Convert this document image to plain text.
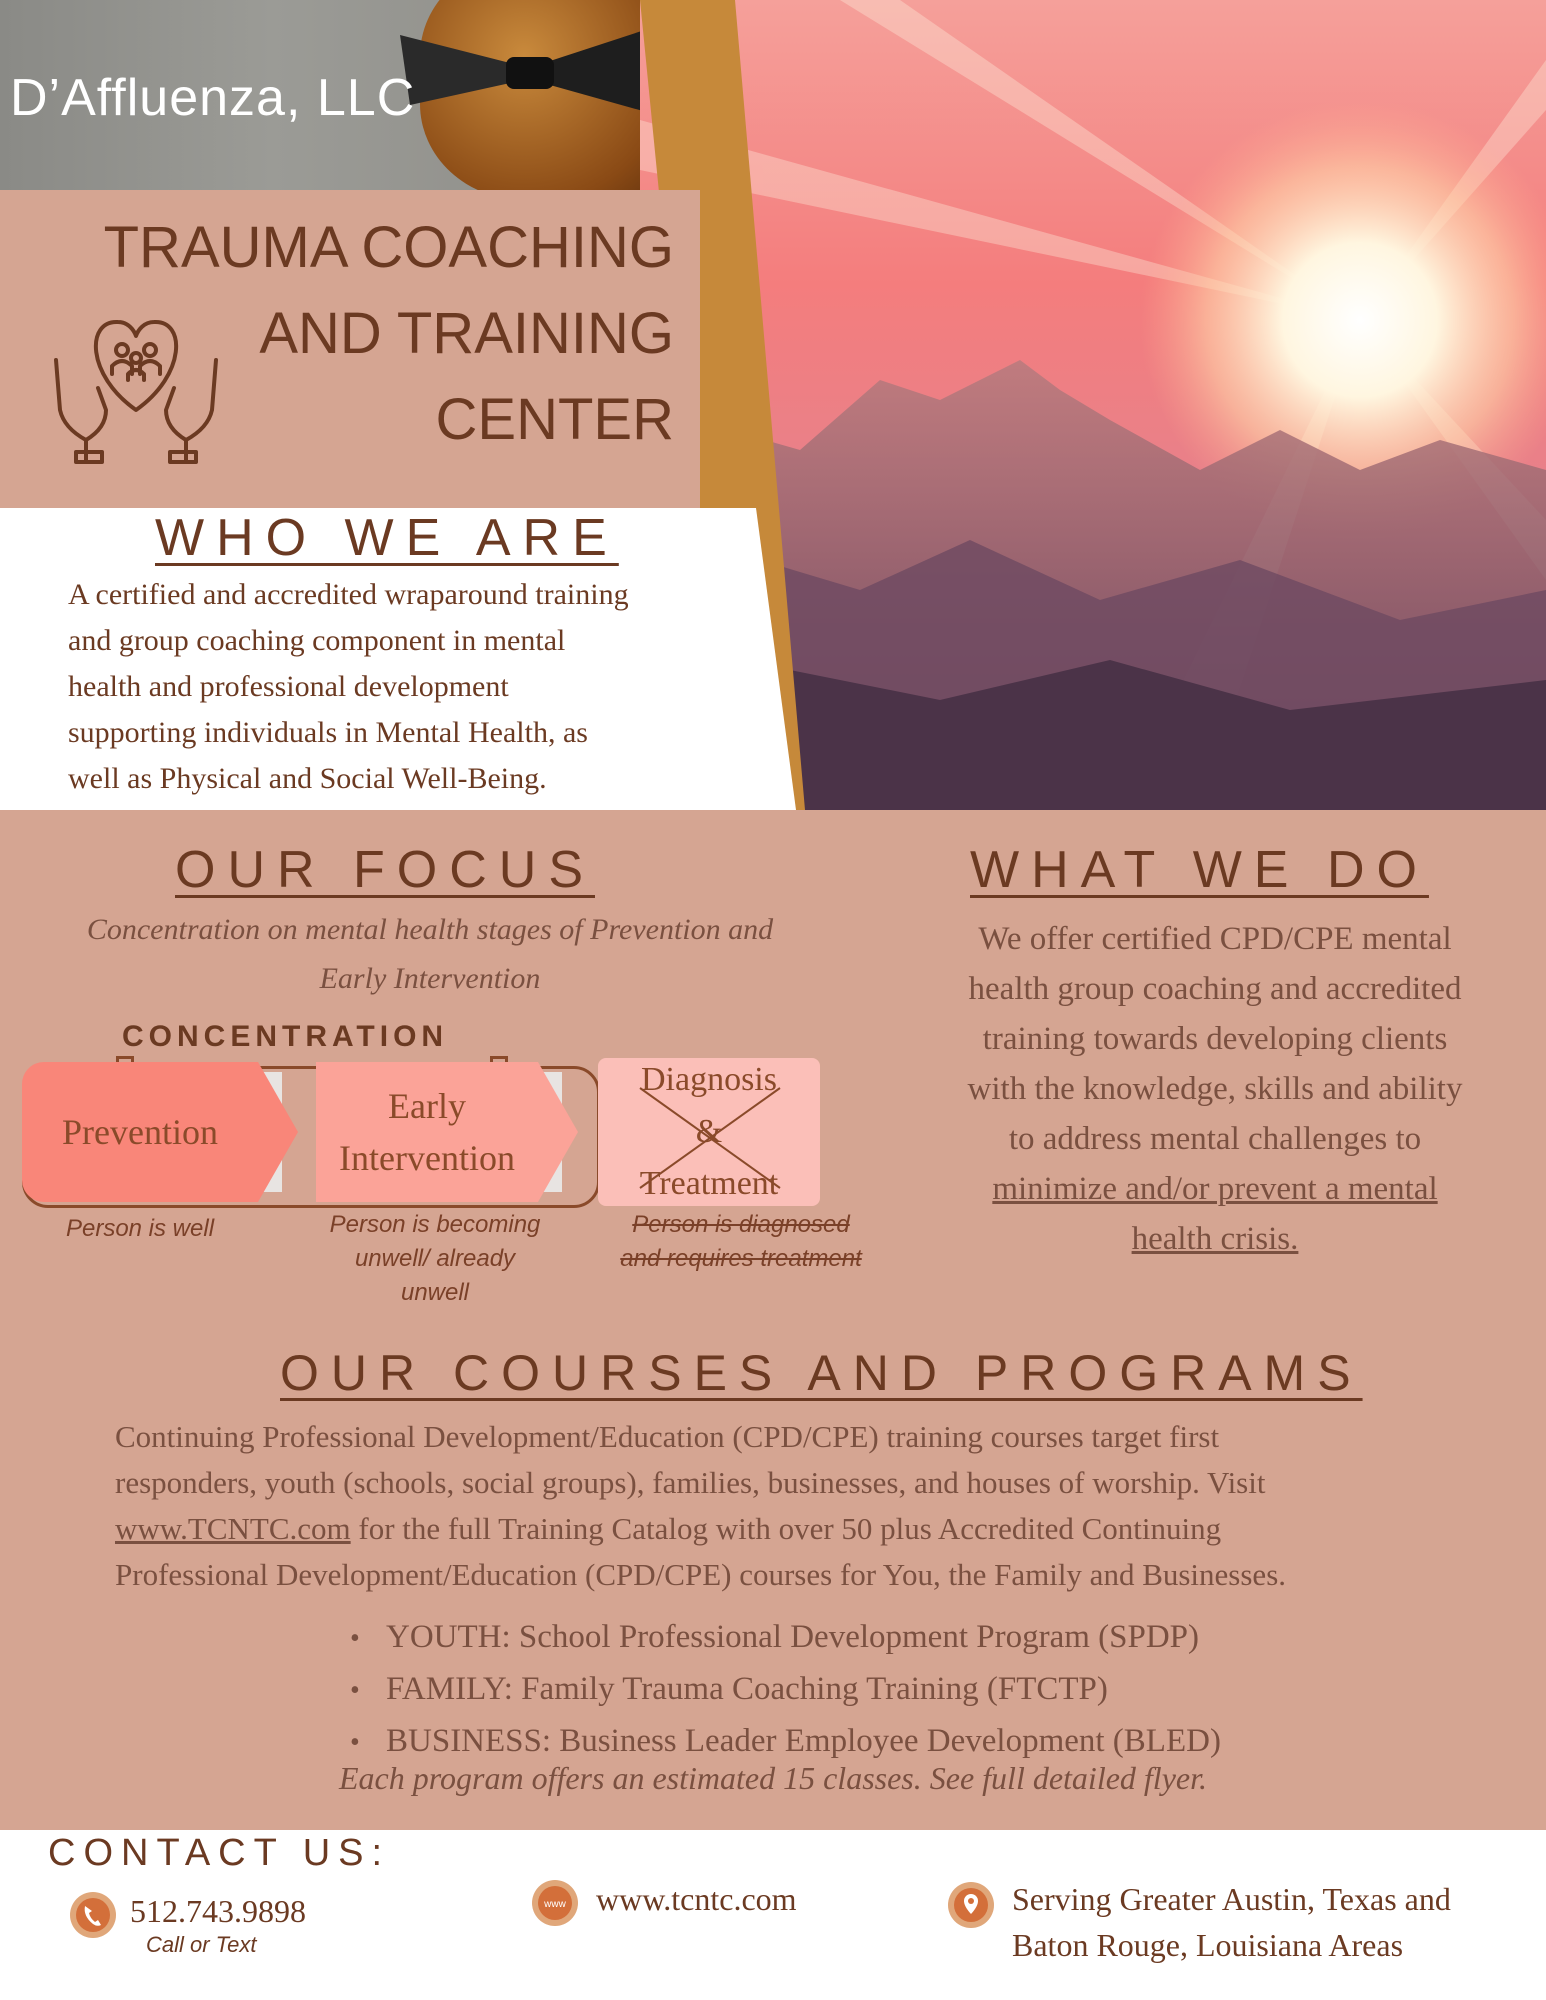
D’Affluenza, LLC
TRAUMA COACHING
AND TRAINING
CENTER
WHO WE ARE
A certified and accredited wraparound training
and group coaching component in mental
health and professional development
supporting individuals in Mental Health, as
well as Physical and Social Well-Being.
OUR FOCUS
Concentration on mental health stages of Prevention and
Early Intervention
CONCENTRATION
Prevention
Early
Intervention
Diagnosis
&
Treatment
Person is well	Person is becoming
unwell/ already
unwell
Person is diagnosed
and requires treatment
WHAT WE DO
We offer certified CPD/CPE mental
health group coaching and accredited
training towards developing clients
with the knowledge, skills and ability
to address mental challenges to
minimize and/or prevent a mental
health crisis.
OUR COURSES AND PROGRAMS
Continuing Professional Development/Education (CPD/CPE) training courses target first
responders, youth (schools, social groups), families, businesses, and houses of worship. Visit
www.TCNTC.com for the full Training Catalog with over 50 plus Accredited Continuing
Professional Development/Education (CPD/CPE) courses for You, the Family and Businesses.
• YOUTH: School Professional Development Program (SPDP)
• FAMILY: Family Trauma Coaching Training (FTCTP)
• BUSINESS: Business Leader Employee Development (BLED)
Each program offers an estimated 15 classes. See full detailed flyer.
CONTACT US:
512.743.9898
Call or Text
www www.tcntc.com	Serving Greater Austin, Texas and
Baton Rouge, Louisiana Areas
